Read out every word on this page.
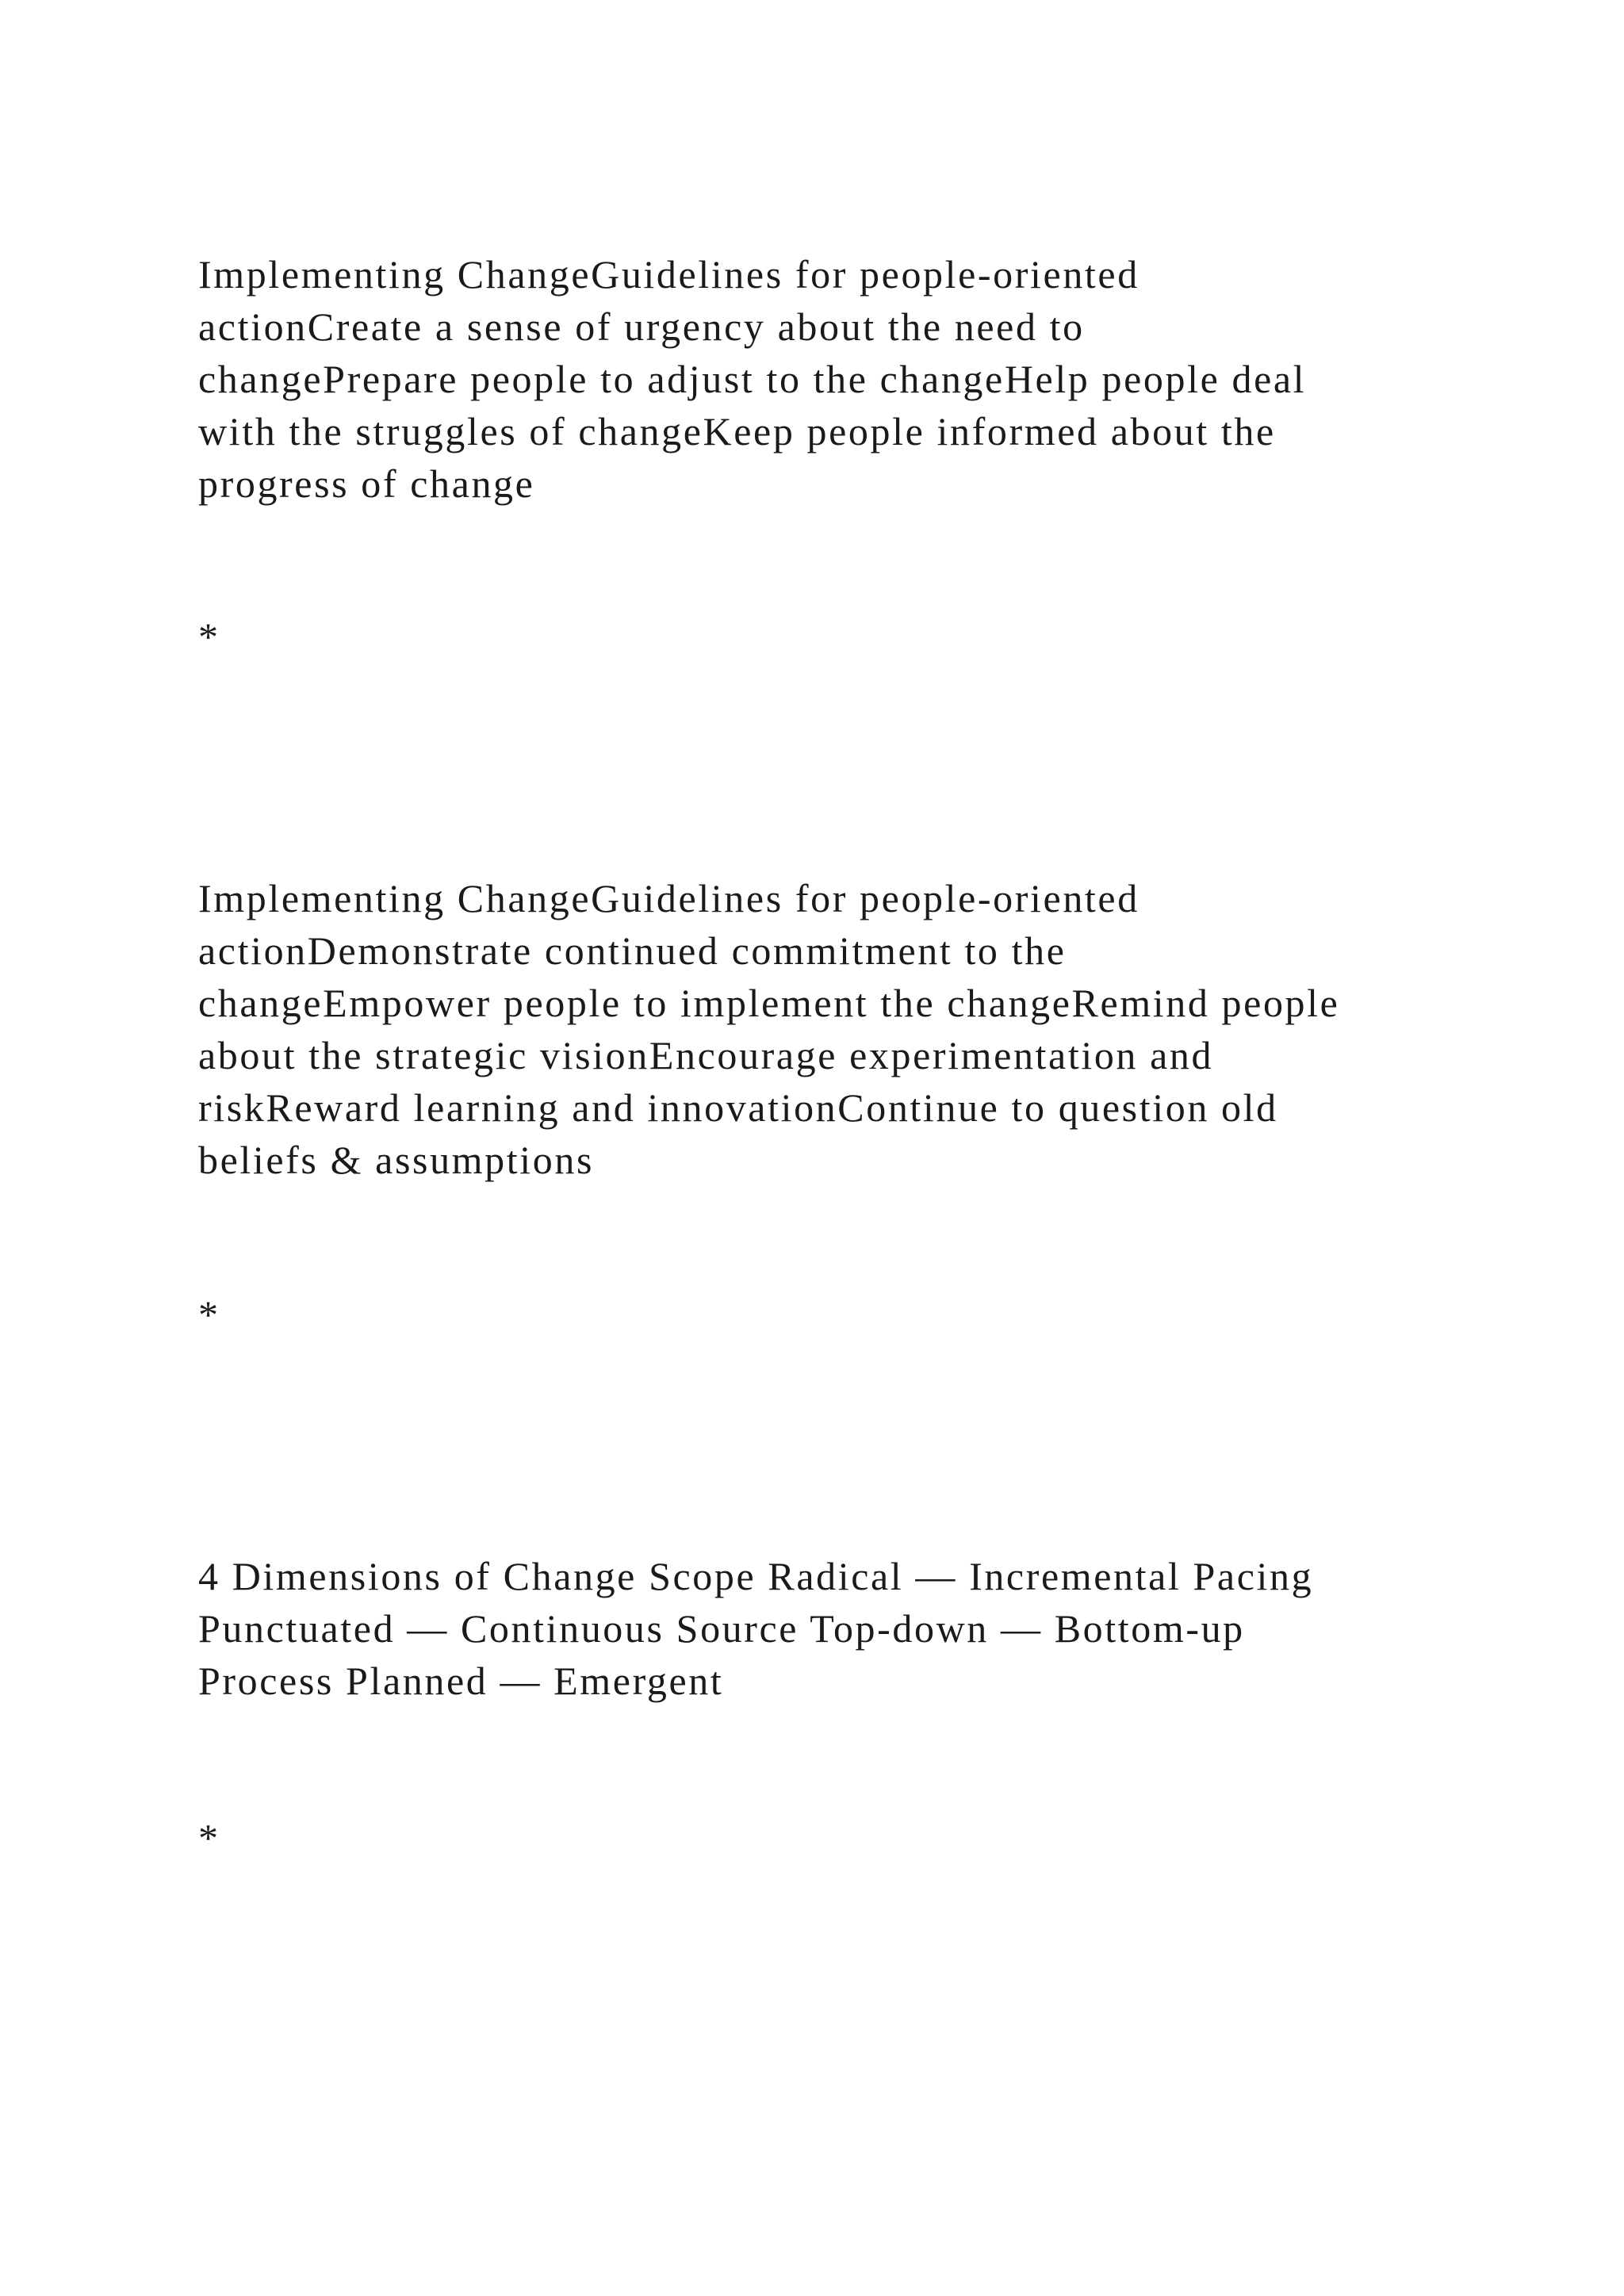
Implementing ChangeGuidelines for people-oriented
actionCreate a sense of urgency about the need to
changePrepare people to adjust to the changeHelp people deal
with the struggles of changeKeep people informed about the
progress of change

*

Implementing ChangeGuidelines for people-oriented
actionDemonstrate continued commitment to the
changeEmpower people to implement the changeRemind people
about the strategic visionEncourage experimentation and
riskReward learning and innovationContinue to question old
beliefs & assumptions

*

4 Dimensions of Change Scope Radical — Incremental Pacing
Punctuated — Continuous Source Top-down — Bottom-up
Process Planned — Emergent

*
